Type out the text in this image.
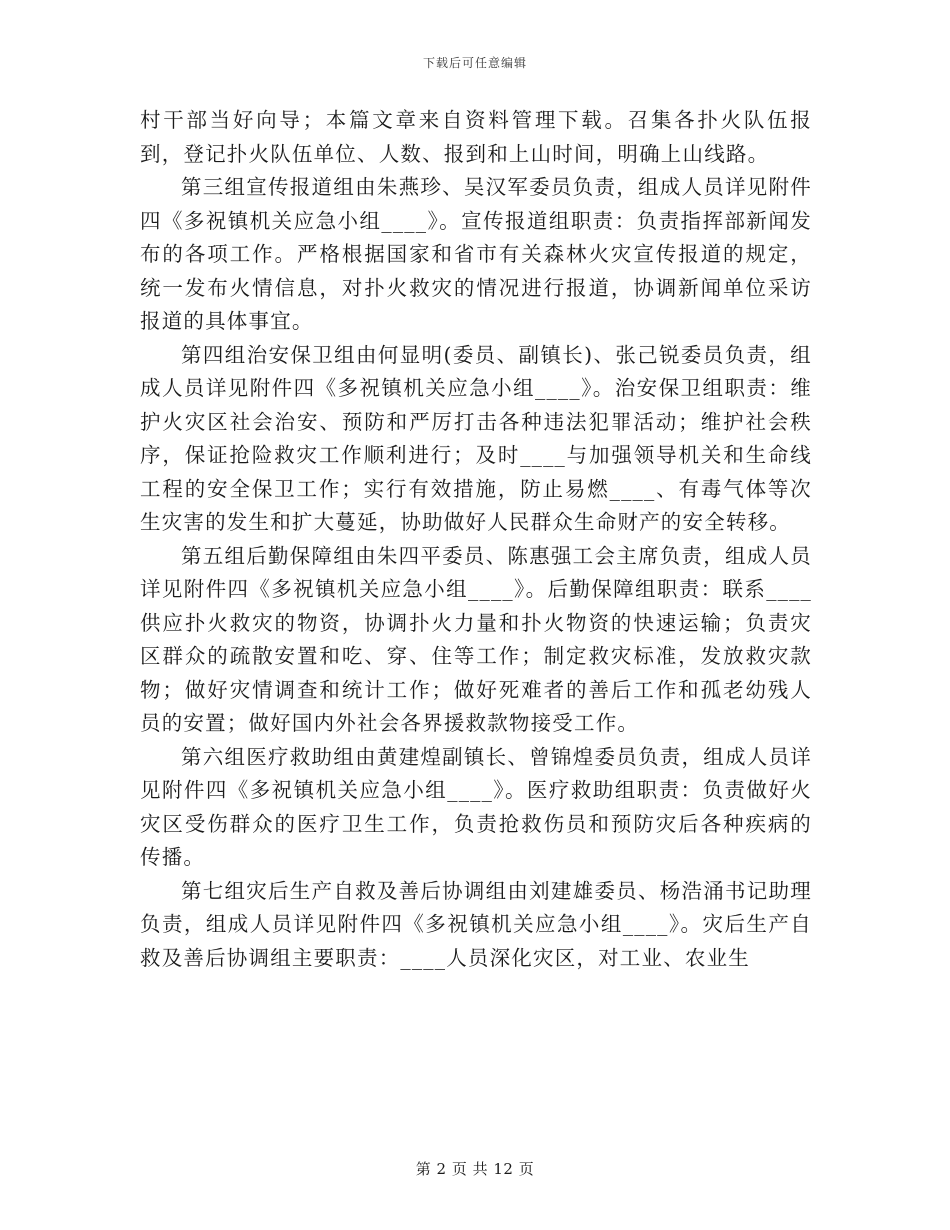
下载后可任意编辑

村干部当好向导；本篇文章来自资料管理下载。召集各扑火队伍报到，登记扑火队伍单位、人数、报到和上山时间，明确上山线路。

第三组宣传报道组由朱燕珍、吴汉军委员负责，组成人员详见附件四《多祝镇机关应急小组____》。宣传报道组职责：负责指挥部新闻发布的各项工作。严格根据国家和省市有关森林火灾宣传报道的规定，统一发布火情信息，对扑火救灾的情况进行报道，协调新闻单位采访报道的具体事宜。

第四组治安保卫组由何显明(委员、副镇长)、张己锐委员负责，组成人员详见附件四《多祝镇机关应急小组____》。治安保卫组职责：维护火灾区社会治安、预防和严厉打击各种违法犯罪活动；维护社会秩序，保证抢险救灾工作顺利进行；及时____与加强领导机关和生命线工程的安全保卫工作；实行有效措施，防止易燃____、有毒气体等次生灾害的发生和扩大蔓延，协助做好人民群众生命财产的安全转移。

第五组后勤保障组由朱四平委员、陈惠强工会主席负责，组成人员详见附件四《多祝镇机关应急小组____》。后勤保障组职责：联系____供应扑火救灾的物资，协调扑火力量和扑火物资的快速运输；负责灾区群众的疏散安置和吃、穿、住等工作；制定救灾标准，发放救灾款物；做好灾情调查和统计工作；做好死难者的善后工作和孤老幼残人员的安置；做好国内外社会各界援救款物接受工作。

第六组医疗救助组由黄建煌副镇长、曾锦煌委员负责，组成人员详见附件四《多祝镇机关应急小组____》。医疗救助组职责：负责做好火灾区受伤群众的医疗卫生工作，负责抢救伤员和预防灾后各种疾病的传播。

第七组灾后生产自救及善后协调组由刘建雄委员、杨浩涌书记助理负责，组成人员详见附件四《多祝镇机关应急小组____》。灾后生产自救及善后协调组主要职责：____人员深化灾区，对工业、农业生

第 2 页 共 12 页
